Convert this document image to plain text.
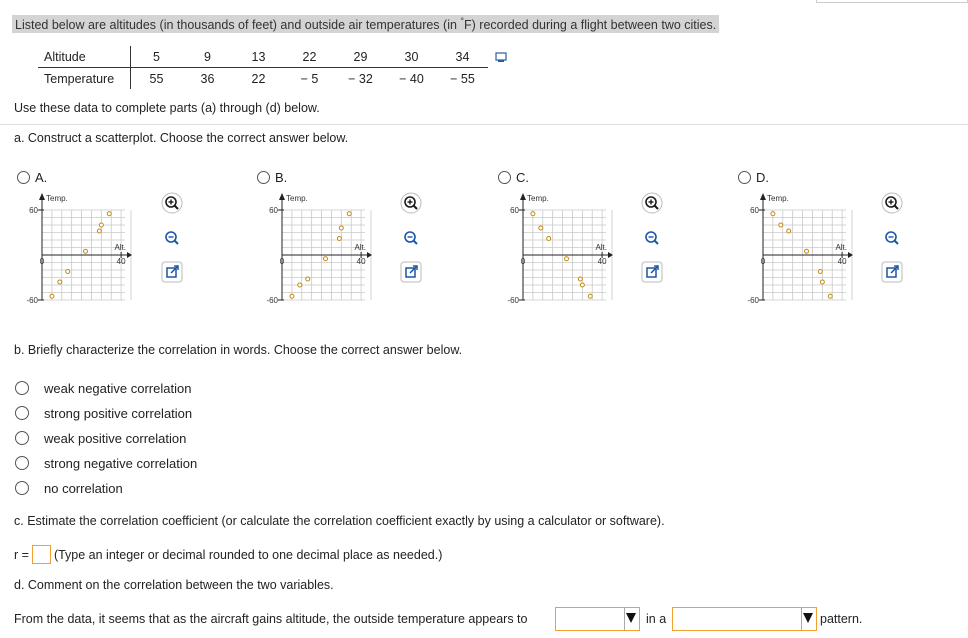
Listed below are altitudes (in thousands of feet) and outside air temperatures (in °F) recorded during a flight between two cities.
Altitude	5	9	13	22	29	30	34
Temperature	55	36	22	− 5	− 32	− 40	− 55
Use these data to complete parts (a) through (d) below.
a. Construct a scatterplot. Choose the correct answer below.
A.	B.	C.	D.
Temp.
Alt.
60
-60
0	40
Temp.
Alt.
60
-60
0	40
Temp.
Alt.
60
-60
0	40
Temp.
Alt.
60
-60
0	40
b. Briefly characterize the correlation in words. Choose the correct answer below.
weak negative correlation
strong positive correlation
weak positive correlation
strong negative correlation
no correlation
c. Estimate the correlation coefficient (or calculate the correlation coefficient exactly by using a calculator or software).
r = (Type an integer or decimal rounded to one decimal place as needed.)
d. Comment on the correlation between the two variables.
From the data, it seems that as the aircraft gains altitude, the outside temperature appears to	in a	pattern.
